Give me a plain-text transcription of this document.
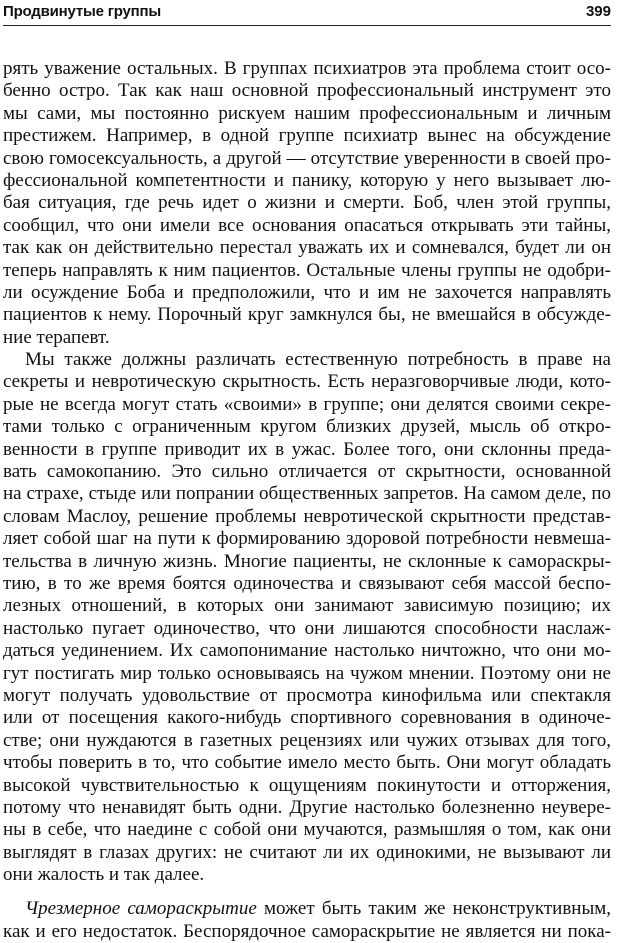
Продвинутые группы	399
рять уважение остальных. В группах психиатров эта проблема стоит осо-
бенно остро. Так как наш основной профессиональный инструмент это
мы сами, мы постоянно рискуем нашим профессиональным и личным
престижем. Например, в одной группе психиатр вынес на обсуждение
свою гомосексуальность, а другой — отсутствие уверенности в своей про-
фессиональной компетентности и панику, которую у него вызывает лю-
бая ситуация, где речь идет о жизни и смерти. Боб, член этой группы,
сообщил, что они имели все основания опасаться открывать эти тайны,
так как он действительно перестал уважать их и сомневался, будет ли он
теперь направлять к ним пациентов. Остальные члены группы не одобри-
ли осуждение Боба и предположили, что и им не захочется направлять
пациентов к нему. Порочный круг замкнулся бы, не вмешайся в обсужде-
ние терапевт.
Мы также должны различать естественную потребность в праве на
секреты и невротическую скрытность. Есть неразговорчивые люди, кото-
рые не всегда могут стать «своими» в группе; они делятся своими секре-
тами только с ограниченным кругом близких друзей, мысль об откро-
венности в группе приводит их в ужас. Более того, они склонны преда-
вать самокопанию. Это сильно отличается от скрытности, основанной
на страхе, стыде или попрании общественных запретов. На самом деле, по
словам Маслоу, решение проблемы невротической скрытности представ-
ляет собой шаг на пути к формированию здоровой потребности невмеша-
тельства в личную жизнь. Многие пациенты, не склонные к самораскры-
тию, в то же время боятся одиночества и связывают себя массой беспо-
лезных отношений, в которых они занимают зависимую позицию; их
настолько пугает одиночество, что они лишаются способности наслаж-
даться уединением. Их самопонимание настолько ничтожно, что они мо-
гут постигать мир только основываясь на чужом мнении. Поэтому они не
могут получать удовольствие от просмотра кинофильма или спектакля
или от посещения какого-нибудь спортивного соревнования в одиноче-
стве; они нуждаются в газетных рецензиях или чужих отзывах для того,
чтобы поверить в то, что событие имело место быть. Они могут обладать
высокой чувствительностью к ощущениям покинутости и отторжения,
потому что ненавидят быть одни. Другие настолько болезненно неувере-
ны в себе, что наедине с собой они мучаются, размышляя о том, как они
выглядят в глазах других: не считают ли их одинокими, не вызывают ли
они жалость и так далее.
Чрезмерное самораскрытие может быть таким же неконструктивным,
как и его недостаток. Беспорядочное самораскрытие не является ни пока-
